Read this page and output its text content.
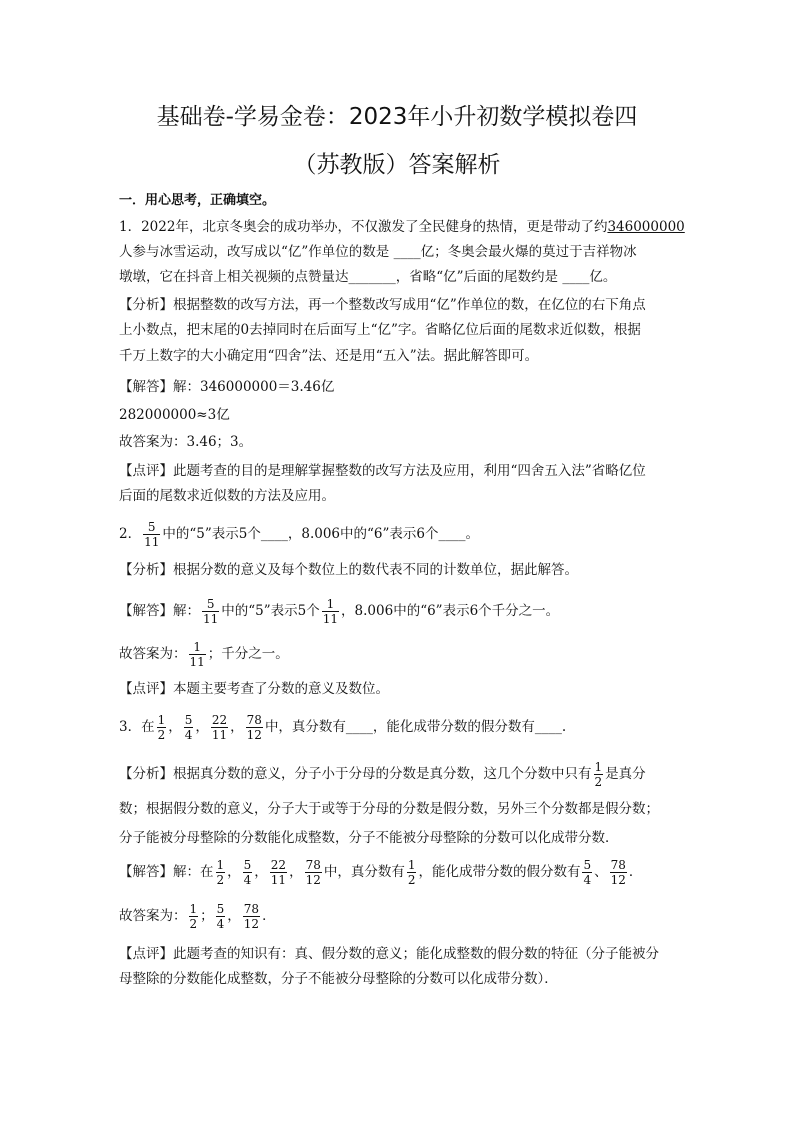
基础卷-学易金卷：2023年小升初数学模拟卷四
（苏教版）答案解析
一．用心思考，正确填空。
1．2022年，北京冬奥会的成功举办，不仅激发了全民健身的热情，更是带动了约346000000
人参与冰雪运动，改写成以“亿”作单位的数是 ____亿；冬奥会最火爆的莫过于吉祥物冰
墩墩，它在抖音上相关视频的点赞量达_______，省略“亿”后面的尾数约是 ____亿。
【分析】根据整数的改写方法，再一个整数改写成用“亿”作单位的数，在亿位的右下角点
上小数点，把末尾的0去掉同时在后面写上“亿”字。省略亿位后面的尾数求近似数，根据
千万上数字的大小确定用“四舍”法、还是用“五入”法。据此解答即可。
【解答】解：346000000＝3.46亿
282000000≈3亿
故答案为：3.46；3。
【点评】此题考查的目的是理解掌握整数的改写方法及应用，利用“四舍五入法”省略亿位
后面的尾数求近似数的方法及应用。
2． $\frac{5}{11}$ 中的“5”表示5个____，8.006中的“6”表示6个____。
【分析】根据分数的意义及每个数位上的数代表不同的计数单位，据此解答。
【解答】解： $\frac{5}{11}$ 中的“5”表示5个 $\frac{1}{11}$ ，8.006中的“6”表示6个千分之一。
故答案为： $\frac{1}{11}$ ；千分之一。
【点评】本题主要考查了分数的意义及数位。
3．在 $\frac{1}{2}$ ， $\frac{5}{4}$ ， $\frac{22}{11}$ ， $\frac{78}{12}$ 中，真分数有____，能化成带分数的假分数有____.
【分析】根据真分数的意义，分子小于分母的分数是真分数，这几个分数中只有 $\frac{1}{2}$ 是真分
数；根据假分数的意义，分子大于或等于分母的分数是假分数，另外三个分数都是假分数；
分子能被分母整除的分数能化成整数，分子不能被分母整除的分数可以化成带分数．
【解答】解：在 $\frac{1}{2}$ ， $\frac{5}{4}$ ， $\frac{22}{11}$ ， $\frac{78}{12}$ 中，真分数有 $\frac{1}{2}$ ，能化成带分数的假分数有 $\frac{5}{4}$ 、 $\frac{78}{12}$ ．
故答案为： $\frac{1}{2}$ ； $\frac{5}{4}$ ， $\frac{78}{12}$ ．
【点评】此题考查的知识有：真、假分数的意义；能化成整数的假分数的特征（分子能被分
母整除的分数能化成整数，分子不能被分母整除的分数可以化成带分数）．
